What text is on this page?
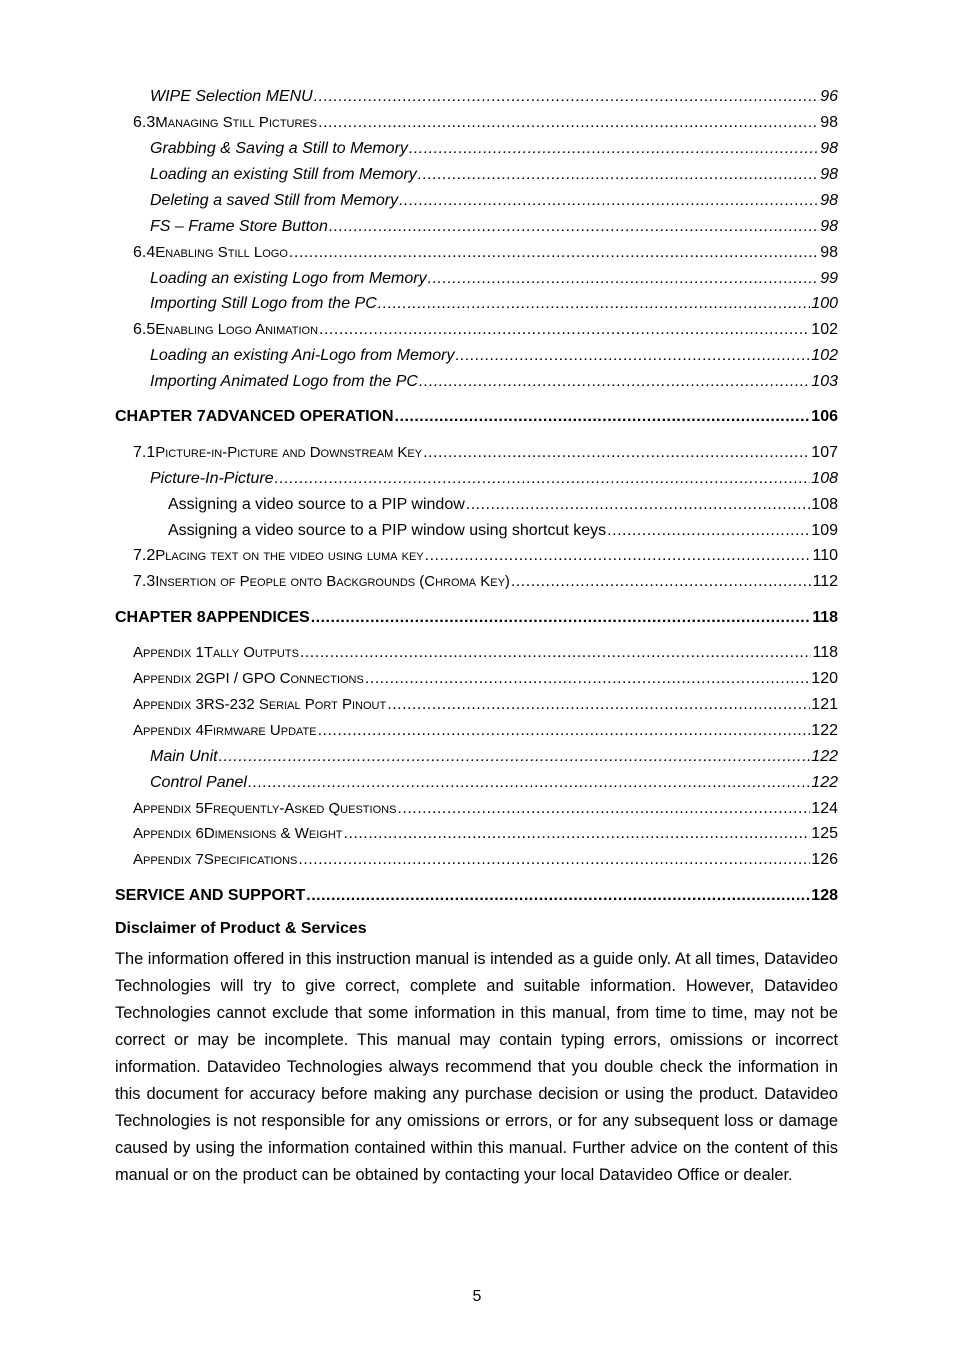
WIPE Selection MENU .....	96
6.3 Managing Still Pictures .....	98
Grabbing & Saving a Still to Memory .....	98
Loading an existing Still from Memory .....	98
Deleting a saved Still from Memory .....	98
FS – Frame Store Button .....	98
6.4 Enabling Still Logo .....	98
Loading an existing Logo from Memory .....	99
Importing Still Logo from the PC .....	100
6.5 Enabling Logo Animation .....	102
Loading an existing Ani-Logo from Memory .....	102
Importing Animated Logo from the PC .....	103
CHAPTER 7 ADVANCED OPERATION .....	106
7.1 Picture-in-Picture and Downstream Key .....	107
Picture-In-Picture .....	108
Assigning a video source to a PIP window .....	108
Assigning a video source to a PIP window using shortcut keys .....	109
7.2 Placing text on the video using luma key .....	110
7.3 Insertion of People onto Backgrounds (Chroma Key) .....	112
CHAPTER 8 APPENDICES .....	118
Appendix 1 Tally Outputs .....	118
Appendix 2 GPI / GPO Connections .....	120
Appendix 3 RS-232 Serial Port Pinout .....	121
Appendix 4 Firmware Update .....	122
Main Unit .....	122
Control Panel .....	122
Appendix 5 Frequently-Asked Questions .....	124
Appendix 6 Dimensions & Weight .....	125
Appendix 7 Specifications .....	126
SERVICE AND SUPPORT .....	128
Disclaimer of Product & Services
The information offered in this instruction manual is intended as a guide only. At all times, Datavideo Technologies will try to give correct, complete and suitable information. However, Datavideo Technologies cannot exclude that some information in this manual, from time to time, may not be correct or may be incomplete. This manual may contain typing errors, omissions or incorrect information. Datavideo Technologies always recommend that you double check the information in this document for accuracy before making any purchase decision or using the product. Datavideo Technologies is not responsible for any omissions or errors, or for any subsequent loss or damage caused by using the information contained within this manual. Further advice on the content of this manual or on the product can be obtained by contacting your local Datavideo Office or dealer.
5
